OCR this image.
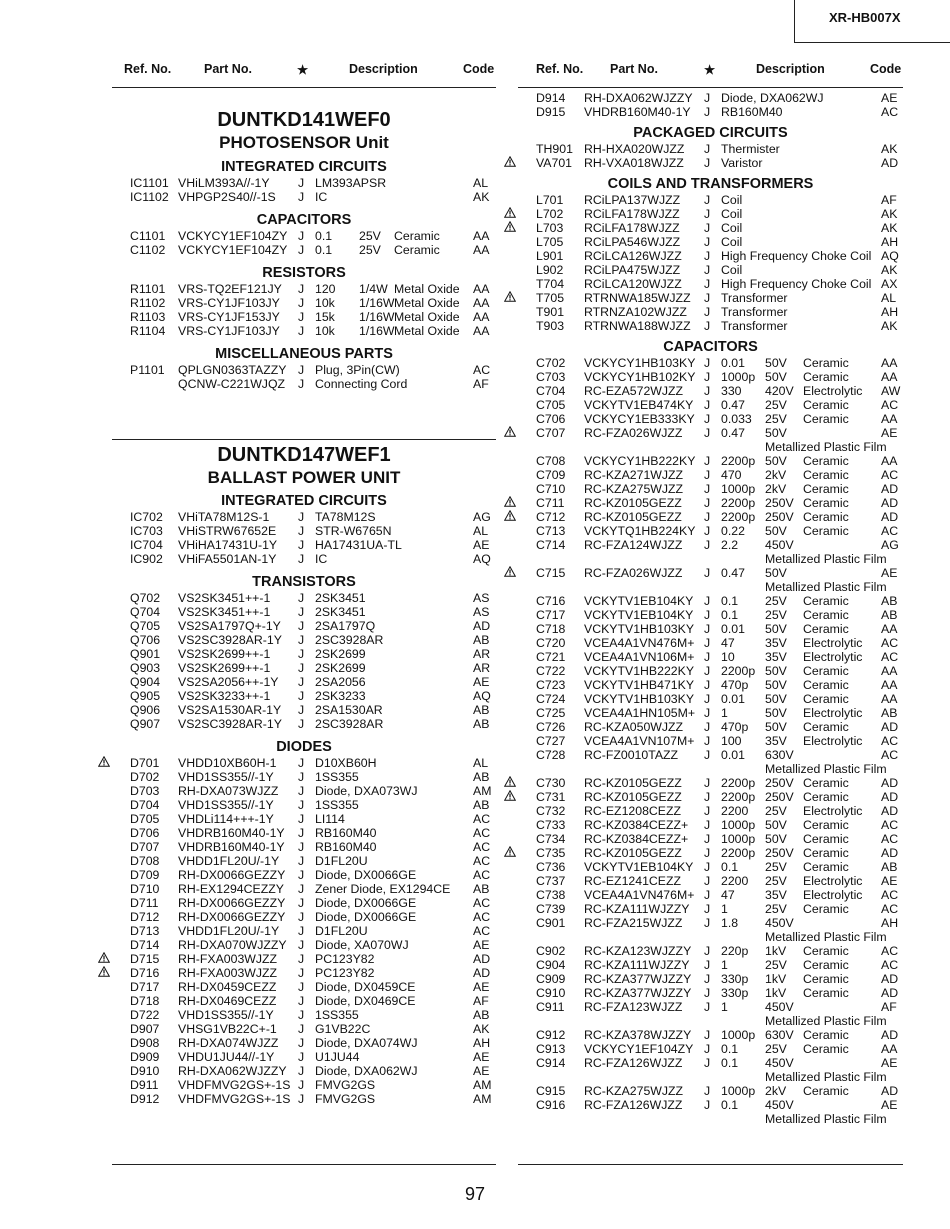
XR-HB007X
Ref. No.	Part No.	★	Description	Code
DUNTKD141WEF0
PHOTOSENSOR Unit
INTEGRATED CIRCUITS
IC1101 VHiLM393A//-1Y J LM393APSR	AL
IC1102 VHPGP2S40//-1S J IC	AK
CAPACITORS
C1101 VCKYCY1EF104ZY J 0.1 25V Ceramic	AA
C1102 VCKYCY1EF104ZY J 0.1 25V Ceramic	AA
RESISTORS
R1101 VRS-TQ2EF121JY J 120 1/4W Metal Oxide AA
R1102 VRS-CY1JF103JY J 10k 1/16W Metal Oxide AA
R1103 VRS-CY1JF153JY J 15k 1/16W Metal Oxide AA
R1104 VRS-CY1JF103JY J 10k 1/16W Metal Oxide AA
MISCELLANEOUS PARTS
P1101 QPLGN0363TAZZY J Plug, 3Pin(CW)	AC
QCNW-C221WJQZ J Connecting Cord	AF
DUNTKD147WEF1
BALLAST POWER UNIT
INTEGRATED CIRCUITS
IC702 VHiTA78M12S-1 J TA78M12S	AG
IC703 VHiSTRW67652E J STR-W6765N	AL
IC704 VHiHA17431U-1Y J HA17431UA-TL	AE
IC902 VHiFA5501AN-1Y J IC	AQ
TRANSISTORS
Q702 VS2SK3451++-1 J 2SK3451	AS
Q704 VS2SK3451++-1 J 2SK3451	AS
Q705 VS2SA1797Q+-1Y J 2SA1797Q	AD
Q706 VS2SC3928AR-1Y J 2SC3928AR	AB
Q901 VS2SK2699++-1 J 2SK2699	AR
Q903 VS2SK2699++-1 J 2SK2699	AR
Q904 VS2SA2056++-1Y J 2SA2056	AE
Q905 VS2SK3233++-1 J 2SK3233	AQ
Q906 VS2SA1530AR-1Y J 2SA1530AR	AB
Q907 VS2SC3928AR-1Y J 2SC3928AR	AB
DIODES
D701 VHDD10XB60H-1 J D10XB60H	AL
D702 VHD1SS355//-1Y J 1SS355	AB
D703 RH-DXA073WJZZ J Diode, DXA073WJ	AM
D704 VHD1SS355//-1Y J 1SS355	AB
D705 VHDLi114+++-1Y J LI114	AC
D706 VHDRB160M40-1Y J RB160M40	AC
D707 VHDRB160M40-1Y J RB160M40	AC
D708 VHDD1FL20U/-1Y J D1FL20U	AC
D709 RH-DX0066GEZZY J Diode, DX0066GE	AC
D710 RH-EX1294CEZZY J Zener Diode, EX1294CE AB
D711 RH-DX0066GEZZY J Diode, DX0066GE	AC
D712 RH-DX0066GEZZY J Diode, DX0066GE	AC
D713 VHDD1FL20U/-1Y J D1FL20U	AC
D714 RH-DXA070WJZZY J Diode, XA070WJ	AE
D715 RH-FXA003WJZZ J PC123Y82	AD
D716 RH-FXA003WJZZ J PC123Y82	AD
D717 RH-DX0459CEZZ J Diode, DX0459CE	AE
D718 RH-DX0469CEZZ J Diode, DX0469CE	AF
D722 VHD1SS355//-1Y J 1SS355	AB
D907 VHSG1VB22C+-1 J G1VB22C	AK
D908 RH-DXA074WJZZ J Diode, DXA074WJ	AH
D909 VHDU1JU44//-1Y J U1JU44	AE
D910 RH-DXA062WJZZY J Diode, DXA062WJ	AE
D911 VHDFMVG2GS+-1S J FMVG2GS	AM
D912 VHDFMVG2GS+-1S J FMVG2GS	AM
Ref. No. Part No.	★	Description	Code
D914 RH-DXA062WJZZY J Diode, DXA062WJ	AE
D915 VHDRB160M40-1Y J RB160M40	AC
PACKAGED CIRCUITS
TH901 RH-HXA020WJZZ J Thermister	AK
VA701 RH-VXA018WJZZ J Varistor	AD
COILS AND TRANSFORMERS
L701 RCiLPA137WJZZ J Coil	AF
L702 RCiLFA178WJZZ J Coil	AK
L703 RCiLFA178WJZZ J Coil	AK
L705 RCiLPA546WJZZ J Coil	AH
L901 RCiLCA126WJZZ J High Frequency Choke Coil AQ
L902 RCiLPA475WJZZ J Coil	AK
T704 RCiLCA120WJZZ J High Frequency Choke Coil AX
T705 RTRNWA185WJZZ J Transformer	AL
T901 RTRNZA102WJZZ J Transformer	AH
T903 RTRNWA188WJZZ J Transformer	AK
CAPACITORS
C702 VCKYCY1HB103KY J 0.01 50V Ceramic	AA
C703 VCKYCY1HB102KY J 1000p 50V Ceramic	AA
C704 RC-EZA572WJZZ J 330 420V Electrolytic AW
C705 VCKYTV1EB474KY J 0.47 25V Ceramic	AC
C706 VCKYCY1EB333KY J 0.033 25V Ceramic	AA
C707 RC-FZA026WJZZ J 0.47 50V	AE
Metallized Plastic Film
C708 VCKYCY1HB222KY J 2200p 50V Ceramic	AA
C709 RC-KZA271WJZZ J 470 2kV Ceramic	AC
C710 RC-KZA275WJZZ J 1000p 2kV Ceramic	AD
C711 RC-KZ0105GEZZ J 2200p 250V Ceramic	AD
C712 RC-KZ0105GEZZ J 2200p 250V Ceramic	AD
C713 VCKYTQ1HB224KY J 0.22 50V Ceramic	AC
C714 RC-FZA124WJZZ J 2.2 450V	AG
Metallized Plastic Film
C715 RC-FZA026WJZZ J 0.47 50V	AE
Metallized Plastic Film
C716 VCKYTV1EB104KY J 0.1 25V Ceramic	AB
C717 VCKYTV1EB104KY J 0.1 25V Ceramic	AB
C718 VCKYTV1HB103KY J 0.01 50V Ceramic	AA
C720 VCEA4A1VN476M+ J 47 35V Electrolytic AC
C721 VCEA4A1VN106M+ J 10 35V Electrolytic AC
C722 VCKYTV1HB222KY J 2200p 50V Ceramic	AA
C723 VCKYTV1HB471KY J 470p 50V Ceramic	AA
C724 VCKYTV1HB103KY J 0.01 50V Ceramic	AA
C725 VCEA4A1HN105M+ J 1	50V Electrolytic AB
C726 RC-KZA050WJZZ J 470p 50V Ceramic	AD
C727 VCEA4A1VN107M+ J 100 35V Electrolytic AC
C728 RC-FZ0010TAZZ J 0.01 630V	AC
Metallized Plastic Film
C730 RC-KZ0105GEZZ J 2200p 250V Ceramic	AD
C731 RC-KZ0105GEZZ J 2200p 250V Ceramic	AD
C732 RC-EZ1208CEZZ J 2200 25V Electrolytic AD
C733 RC-KZ0384CEZZ+ J 1000p 50V Ceramic	AC
C734 RC-KZ0384CEZZ+ J 1000p 50V Ceramic	AC
C735 RC-KZ0105GEZZ J 2200p 250V Ceramic	AD
C736 VCKYTV1EB104KY J 0.1 25V Ceramic	AB
C737 RC-EZ1241CEZZ J 2200 25V Electrolytic AE
C738 VCEA4A1VN476M+ J 47 35V Electrolytic AC
C739 RC-KZA111WJZZY J 1	25V Ceramic	AC
C901 RC-FZA215WJZZ J 1.8 450V	AH
Metallized Plastic Film
C902 RC-KZA123WJZZY J 220p 1kV Ceramic	AC
C904 RC-KZA111WJZZY J 1	25V Ceramic	AC
C909 RC-KZA377WJZZY J 330p 1kV Ceramic	AD
C910 RC-KZA377WJZZY J 330p 1kV Ceramic	AD
C911 RC-FZA123WJZZ J 1	450V	AF
Metallized Plastic Film
C912 RC-KZA378WJZZY J 1000p 630V Ceramic	AD
C913 VCKYCY1EF104ZY J 0.1 25V Ceramic	AA
C914 RC-FZA126WJZZ J 0.1 450V	AE
Metallized Plastic Film
C915 RC-KZA275WJZZ J 1000p 2kV Ceramic	AD
C916 RC-FZA126WJZZ J 0.1 450V	AE
Metallized Plastic Film
97
